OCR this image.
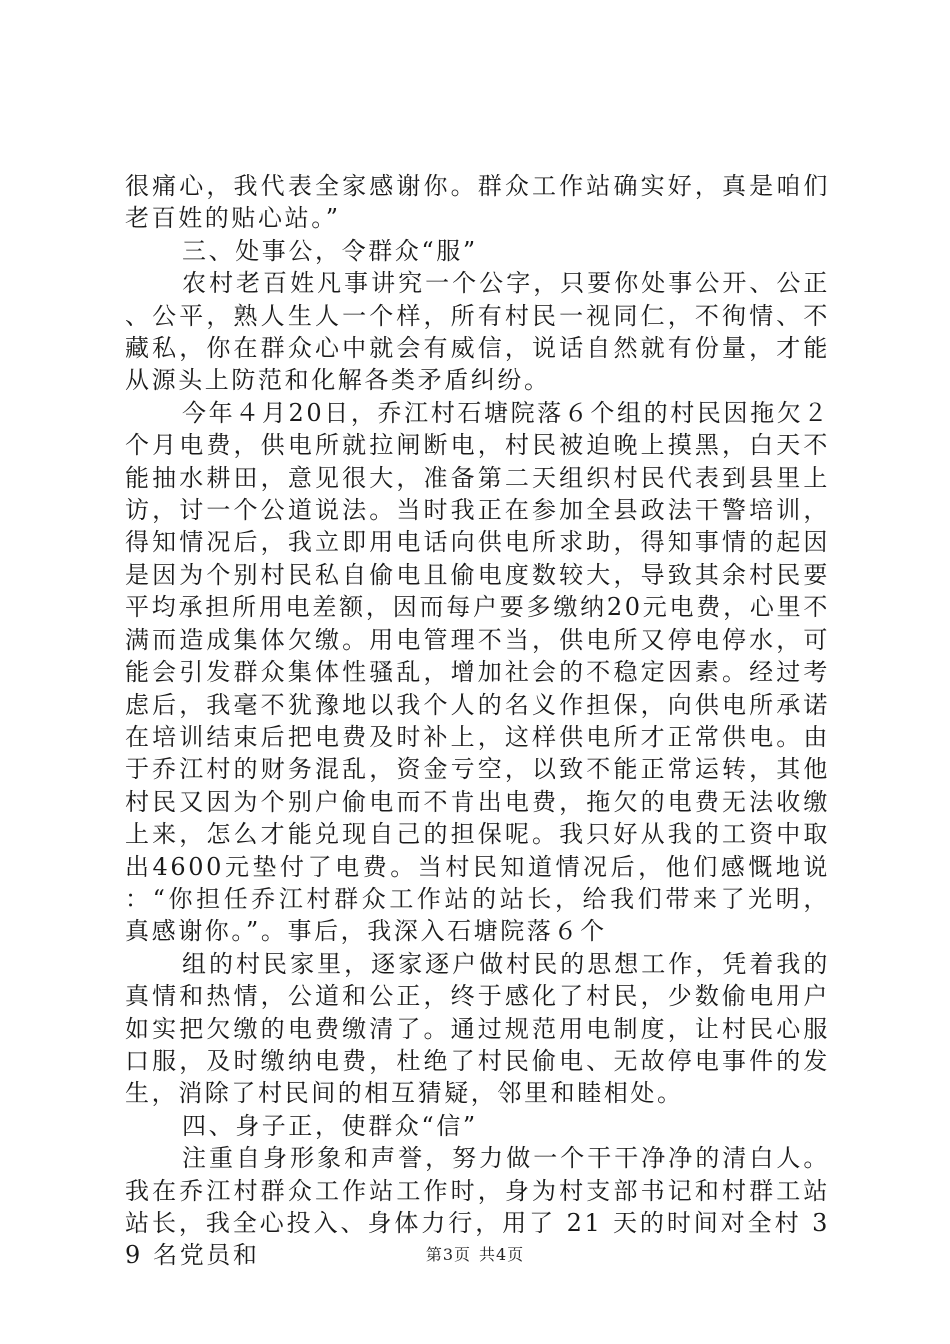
很痛心，我代表全家感谢你。群众工作站确实好，真是咱们老百姓的贴心站。”

三、处事公，令群众“服”

农村老百姓凡事讲究一个公字，只要你处事公开、公正、公平，熟人生人一个样，所有村民一视同仁，不徇情、不藏私，你在群众心中就会有威信，说话自然就有份量，才能从源头上防范和化解各类矛盾纠纷。

今年４月20日，乔江村石塘院落６个组的村民因拖欠２个月电费，供电所就拉闸断电，村民被迫晚上摸黑，白天不能抽水耕田，意见很大，准备第二天组织村民代表到县里上访，讨一个公道说法。当时我正在参加全县政法干警培训，得知情况后，我立即用电话向供电所求助，得知事情的起因是因为个别村民私自偷电且偷电度数较大，导致其余村民要平均承担所用电差额，因而每户要多缴纳20元电费，心里不满而造成集体欠缴。用电管理不当，供电所又停电停水，可能会引发群众集体性骚乱，增加社会的不稳定因素。经过考虑后，我毫不犹豫地以我个人的名义作担保，向供电所承诺在培训结束后把电费及时补上，这样供电所才正常供电。由于乔江村的财务混乱，资金亏空，以致不能正常运转，其他村民又因为个别户偷电而不肯出电费，拖欠的电费无法收缴上来，怎么才能兑现自己的担保呢。我只好从我的工资中取出4600元垫付了电费。当村民知道情况后，他们感慨地说：“你担任乔江村群众工作站的站长，给我们带来了光明，真感谢你。”。事后，我深入石塘院落６个

组的村民家里，逐家逐户做村民的思想工作，凭着我的真情和热情，公道和公正，终于感化了村民，少数偷电用户如实把欠缴的电费缴清了。通过规范用电制度，让村民心服口服，及时缴纳电费，杜绝了村民偷电、无故停电事件的发生，消除了村民间的相互猜疑，邻里和睦相处。

四、身子正，使群众“信”

注重自身形象和声誉，努力做一个干干净净的清白人。我在乔江村群众工作站工作时，身为村支部书记和村群工站站长，我全心投入、身体力行，用了 21 天的时间对全村 39 名党员和	第3页 共4页
